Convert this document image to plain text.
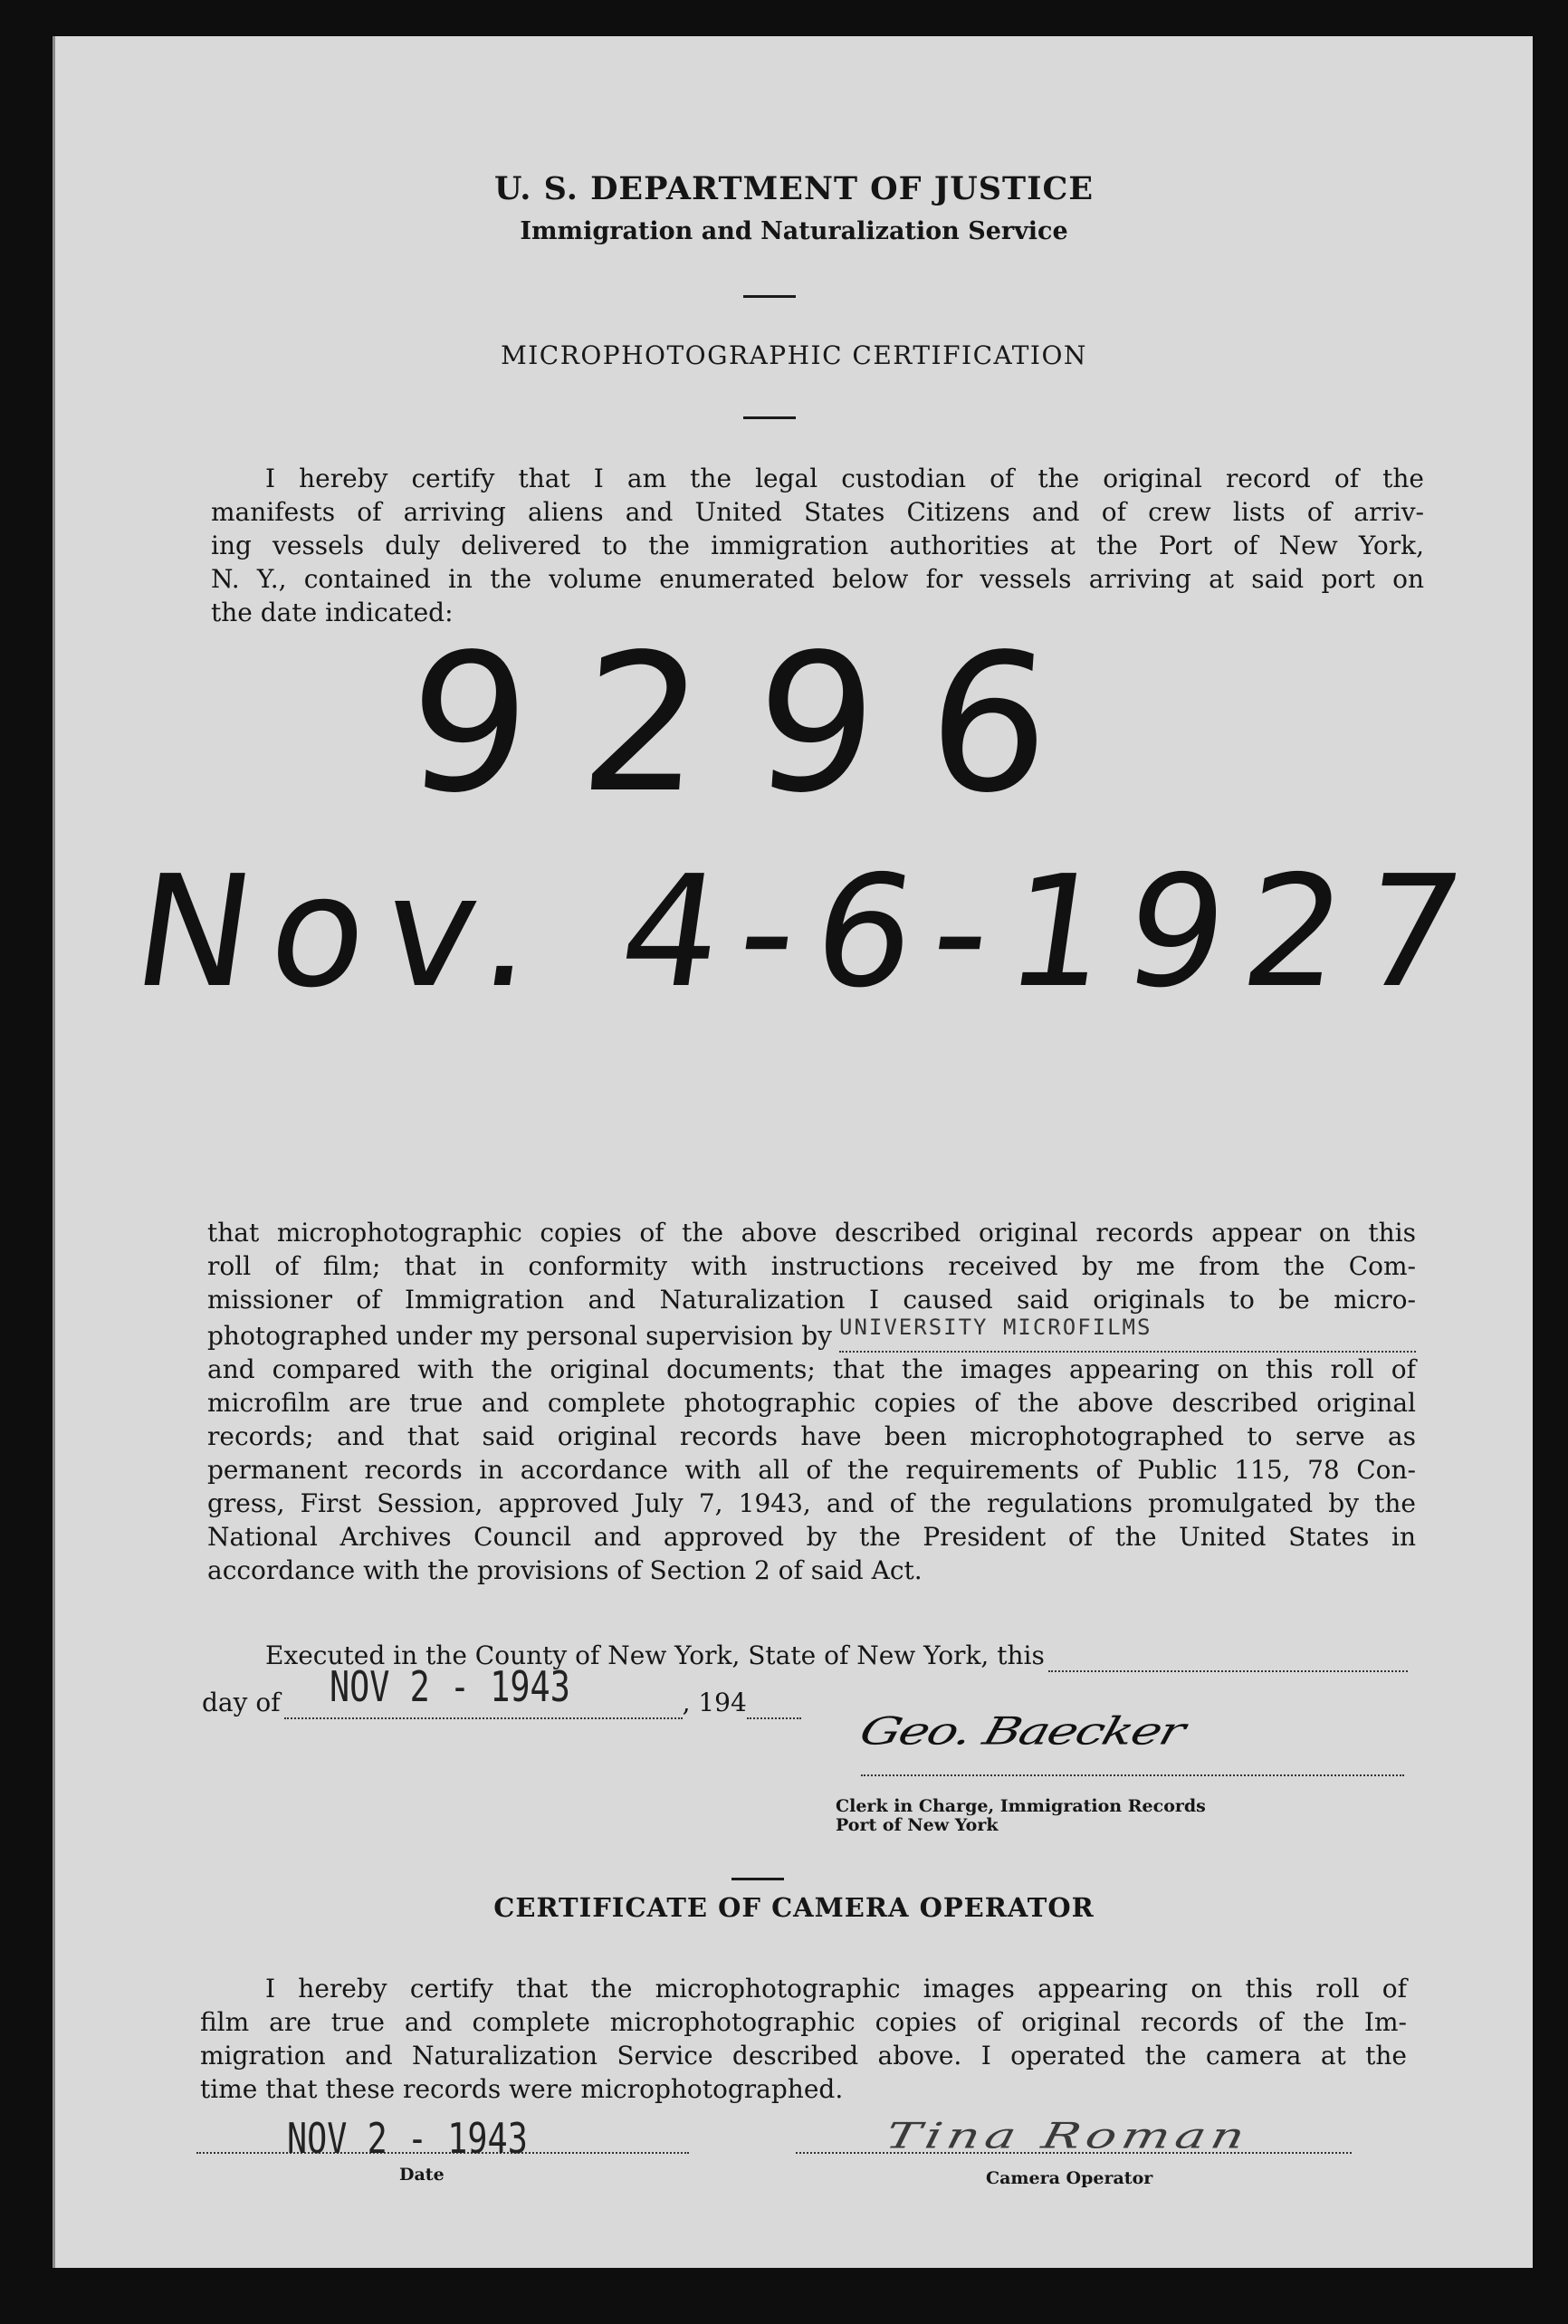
U. S. DEPARTMENT OF JUSTICE
Immigration and Naturalization Service
MICROPHOTOGRAPHIC CERTIFICATION
I hereby certify that I am the legal custodian of the original record of the
manifests of arriving aliens and United States Citizens and of crew lists of arriv-
ing vessels duly delivered to the immigration authorities at the Port of New York,
N. Y., contained in the volume enumerated below for vessels arriving at said port on
the date indicated:
9296
Nov. 4-6-1927
that microphotographic copies of the above described original records appear on this
roll of film; that in conformity with instructions received by me from the Com-
missioner of Immigration and Naturalization I caused said originals to be micro-
photographed under my personal supervision by UNIVERSITY MICROFILMS
and compared with the original documents; that the images appearing on this roll of
microfilm are true and complete photographic copies of the above described original
records; and that said original records have been microphotographed to serve as
permanent records in accordance with all of the requirements of Public 115, 78 Con-
gress, First Session, approved July 7, 1943, and of the regulations promulgated by the
National Archives Council and approved by the President of the United States in
accordance with the provisions of Section 2 of said Act.
Executed in the County of New York, State of New York, this
day of NOV 2 - 1943	, 194
Geo. Baecker
Clerk in Charge, Immigration Records
Port of New York
CERTIFICATE OF CAMERA OPERATOR
I hereby certify that the microphotographic images appearing on this roll of
film are true and complete microphotographic copies of original records of the Im-
migration and Naturalization Service described above. I operated the camera at the
time that these records were microphotographed.
NOV 2 - 1943
Date
Tina Roman
Camera Operator
